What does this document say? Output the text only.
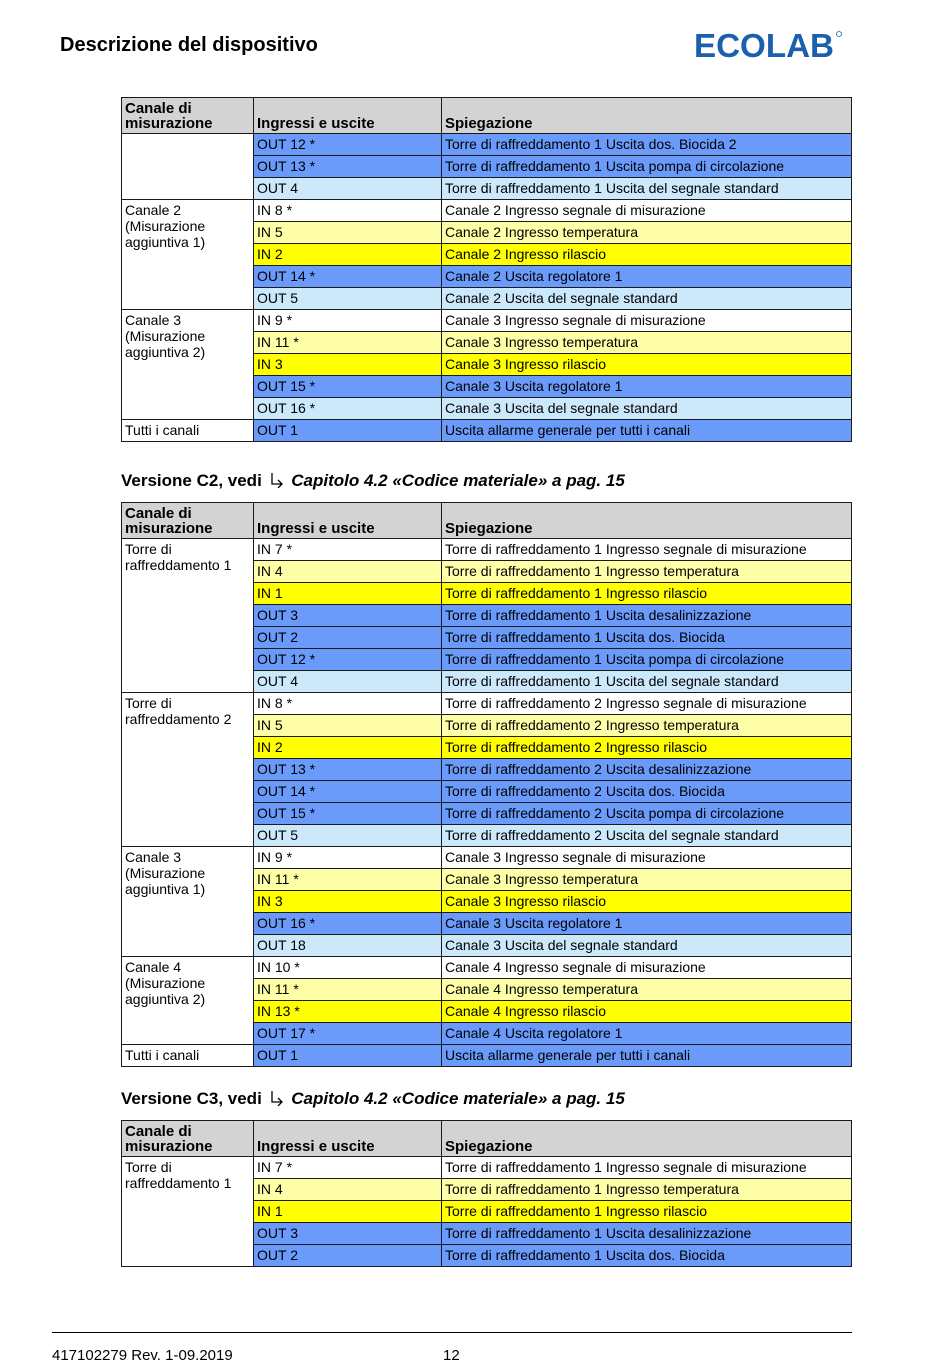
Descrizione del dispositivo	ECOLAB
Canale di misurazione	Ingressi e uscite	Spiegazione
	OUT 12 *	Torre di raffreddamento 1 Uscita dos. Biocida 2
	OUT 13 *	Torre di raffreddamento 1 Uscita pompa di circolazione
	OUT 4	Torre di raffreddamento 1 Uscita del segnale standard
Canale 2 (Misurazione aggiuntiva 1)	IN 8 *	Canale 2 Ingresso segnale di misurazione
	IN 5	Canale 2 Ingresso temperatura
	IN 2	Canale 2 Ingresso rilascio
	OUT 14 *	Canale 2 Uscita regolatore 1
	OUT 5	Canale 2 Uscita del segnale standard
Canale 3 (Misurazione aggiuntiva 2)	IN 9 *	Canale 3 Ingresso segnale di misurazione
	IN 11 *	Canale 3 Ingresso temperatura
	IN 3	Canale 3 Ingresso rilascio
	OUT 15 *	Canale 3 Uscita regolatore 1
	OUT 16 *	Canale 3 Uscita del segnale standard
Tutti i canali	OUT 1	Uscita allarme generale per tutti i canali
Versione C2, vedi Capitolo 4.2 «Codice materiale» a pag. 15
Canale di misurazione	Ingressi e uscite	Spiegazione
Torre di raffreddamento 1	IN 7 *	Torre di raffreddamento 1 Ingresso segnale di misurazione
	IN 4	Torre di raffreddamento 1 Ingresso temperatura
	IN 1	Torre di raffreddamento 1 Ingresso rilascio
	OUT 3	Torre di raffreddamento 1 Uscita desalinizzazione
	OUT 2	Torre di raffreddamento 1 Uscita dos. Biocida
	OUT 12 *	Torre di raffreddamento 1 Uscita pompa di circolazione
	OUT 4	Torre di raffreddamento 1 Uscita del segnale standard
Torre di raffreddamento 2	IN 8 *	Torre di raffreddamento 2 Ingresso segnale di misurazione
	IN 5	Torre di raffreddamento 2 Ingresso temperatura
	IN 2	Torre di raffreddamento 2 Ingresso rilascio
	OUT 13 *	Torre di raffreddamento 2 Uscita desalinizzazione
	OUT 14 *	Torre di raffreddamento 2 Uscita dos. Biocida
	OUT 15 *	Torre di raffreddamento 2 Uscita pompa di circolazione
	OUT 5	Torre di raffreddamento 2 Uscita del segnale standard
Canale 3 (Misurazione aggiuntiva 1)	IN 9 *	Canale 3 Ingresso segnale di misurazione
	IN 11 *	Canale 3 Ingresso temperatura
	IN 3	Canale 3 Ingresso rilascio
	OUT 16 *	Canale 3 Uscita regolatore 1
	OUT 18	Canale 3 Uscita del segnale standard
Canale 4 (Misurazione aggiuntiva 2)	IN 10 *	Canale 4 Ingresso segnale di misurazione
	IN 11 *	Canale 4 Ingresso temperatura
	IN 13 *	Canale 4 Ingresso rilascio
	OUT 17 *	Canale 4 Uscita regolatore 1
Tutti i canali	OUT 1	Uscita allarme generale per tutti i canali
Versione C3, vedi Capitolo 4.2 «Codice materiale» a pag. 15
Canale di misurazione	Ingressi e uscite	Spiegazione
Torre di raffreddamento 1	IN 7 *	Torre di raffreddamento 1 Ingresso segnale di misurazione
	IN 4	Torre di raffreddamento 1 Ingresso temperatura
	IN 1	Torre di raffreddamento 1 Ingresso rilascio
	OUT 3	Torre di raffreddamento 1 Uscita desalinizzazione
	OUT 2	Torre di raffreddamento 1 Uscita dos. Biocida
417102279 Rev. 1-09.2019	12
